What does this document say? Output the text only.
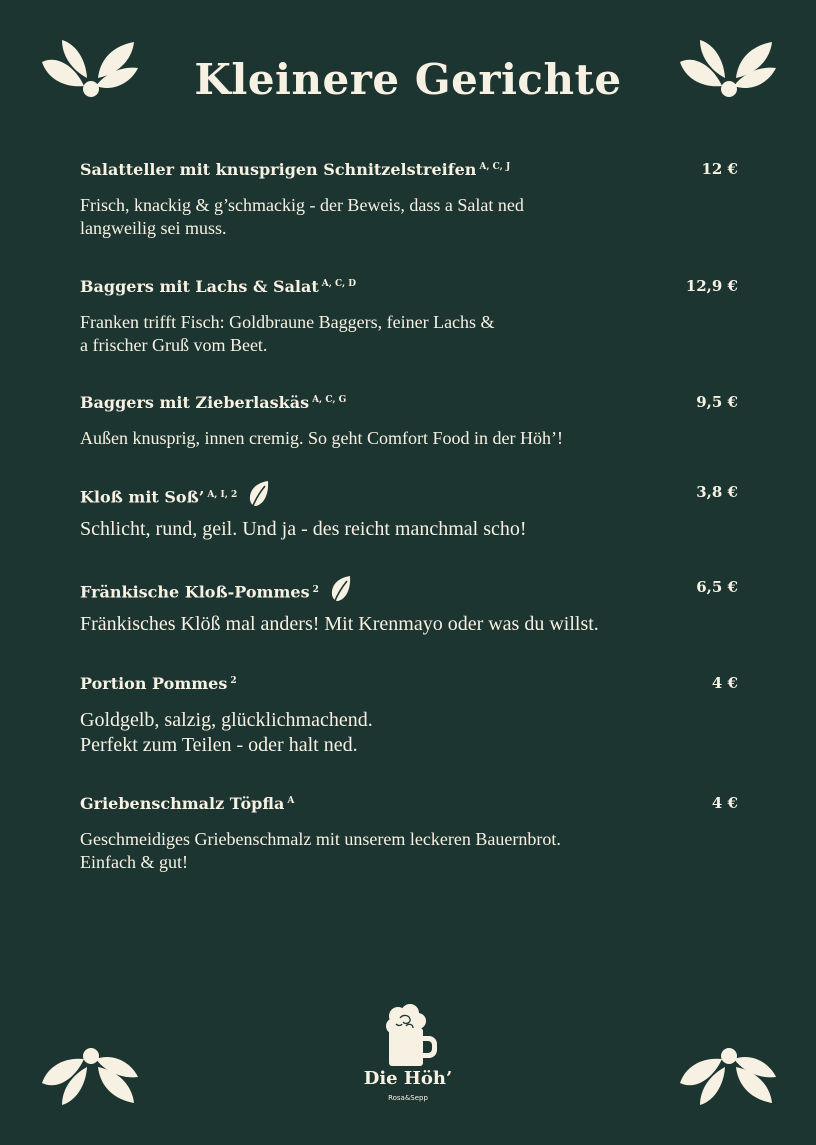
Kleinere Gerichte
Salatteller mit knusprigen Schnitzelstreifen $^{A, C, J}$	12 €

Frisch, knackig & g’schmackig - der Beweis, dass a Salat ned
langweilig sei muss.

Baggers mit Lachs & Salat $^{A, C, D}$	12,9 €

Franken trifft Fisch: Goldbraune Baggers, feiner Lachs &
a frischer Gruß vom Beet.

Baggers mit Zieberlaskäs $^{A, C, G}$	9,5 €

Außen knusprig, innen cremig. So geht Comfort Food in der Höh’!

Kloß mit Soß’ $^{A, I, 2}$	3,8 €

Schlicht, rund, geil. Und ja - des reicht manchmal scho!

Fränkische Kloß-Pommes $^2$	6,5 €

Fränkisches Klöß mal anders! Mit Krenmayo oder was du willst.

Portion Pommes $^2$	4 €

Goldgelb, salzig, glücklichmachend.
Perfekt zum Teilen - oder halt ned.

Griebenschmalz Töpfla $^A$	4 €

Geschmeidiges Griebenschmalz mit unserem leckeren Bauernbrot.
Einfach & gut!

Die Höh’
Rosa&Sepp
